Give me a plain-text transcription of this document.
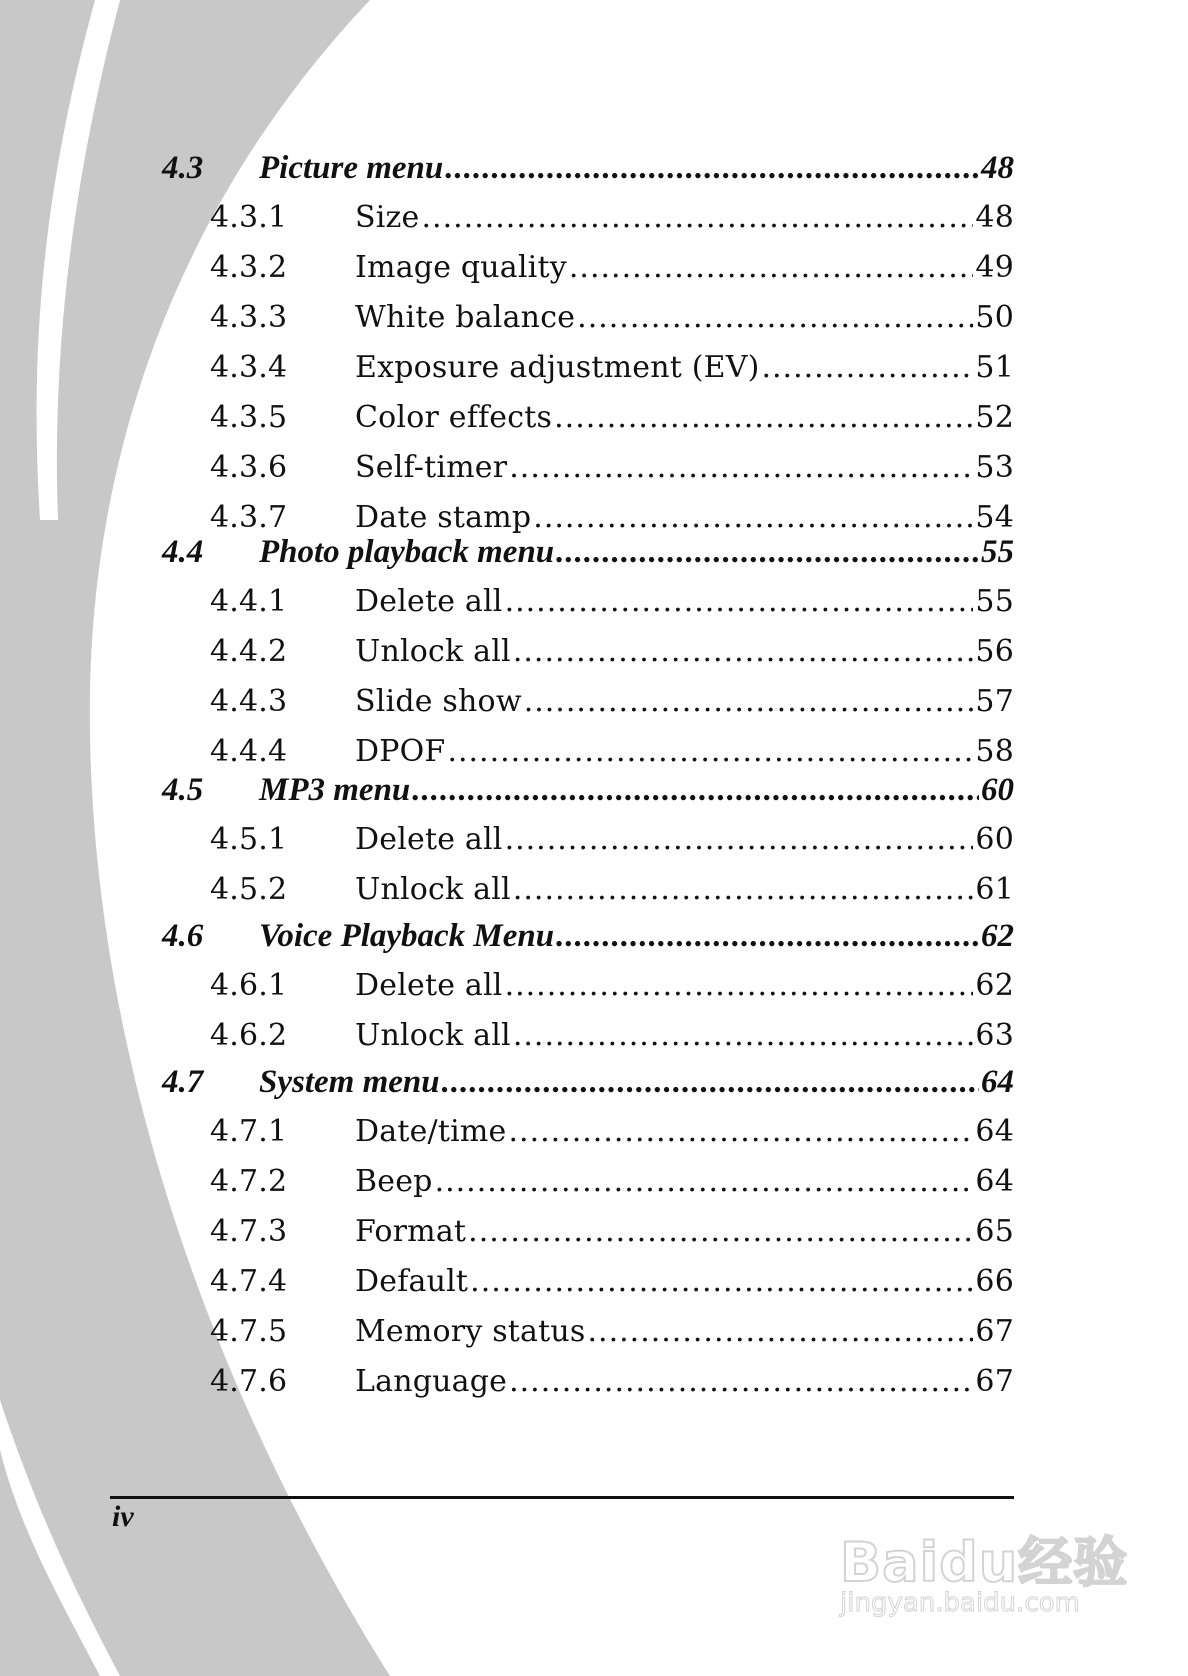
4.3	Picture menu .....	48
4.3.1	Size .....	48
4.3.2	Image quality .....	49
4.3.3	White balance .....	50
4.3.4	Exposure adjustment (EV) .....	51
4.3.5	Color effects .....	52
4.3.6	Self-timer .....	53
4.3.7	Date stamp .....	54
4.4	Photo playback menu .....	55
4.4.1	Delete all .....	55
4.4.2	Unlock all .....	56
4.4.3	Slide show .....	57
4.4.4	DPOF .....	58
4.5	MP3 menu .....	60
4.5.1	Delete all .....	60
4.5.2	Unlock all .....	61
4.6	Voice Playback Menu .....	62
4.6.1	Delete all .....	62
4.6.2	Unlock all .....	63
4.7	System menu .....	64
4.7.1	Date/time .....	64
4.7.2	Beep .....	64
4.7.3	Format .....	65
4.7.4	Default .....	66
4.7.5	Memory status .....	67
4.7.6	Language .....	67
iv
Baidu经验
jingyan.baidu.com
